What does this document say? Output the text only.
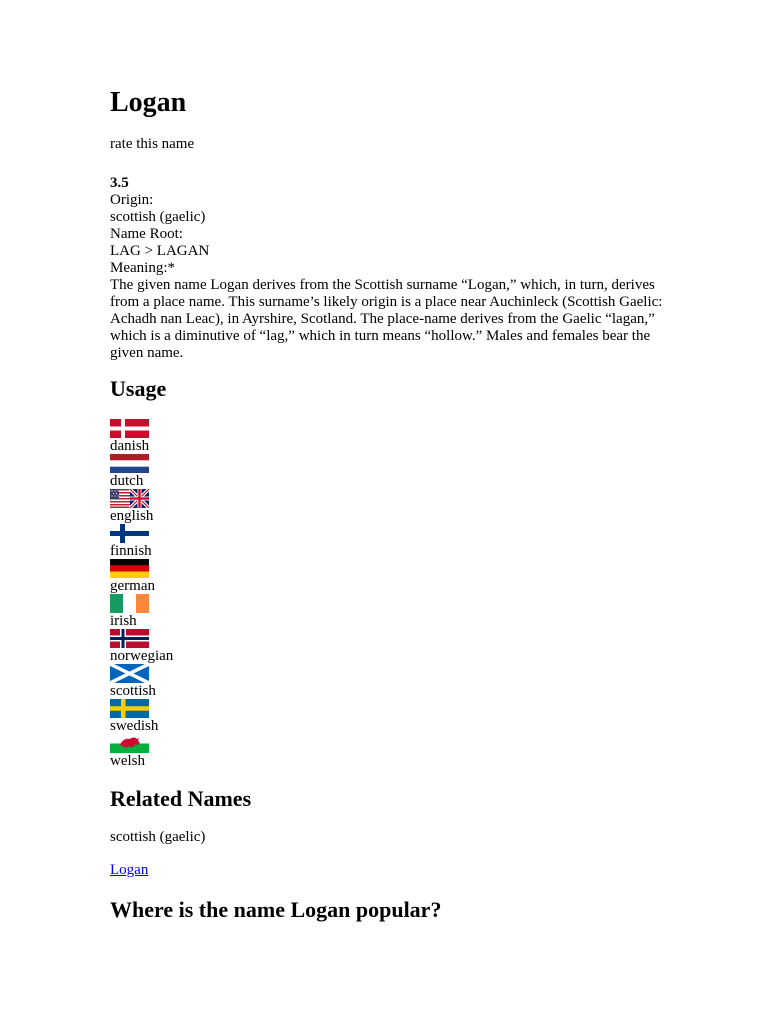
Logan
rate this name
3.5
Origin:
scottish (gaelic)
Name Root:
LAG > LAGAN
Meaning:*
The given name Logan derives from the Scottish surname “Logan,” which, in turn, derives from a place name. This surname’s likely origin is a place near Auchinleck (Scottish Gaelic: Achadh nan Leac), in Ayrshire, Scotland. The place-name derives from the Gaelic “lagan,” which is a diminutive of “lag,” which in turn means “hollow.” Males and females bear the given name.
Usage
danish
dutch
english
finnish
german
irish
norwegian
scottish
swedish
welsh
Related Names
scottish (gaelic)
Logan
Where is the name Logan popular?
